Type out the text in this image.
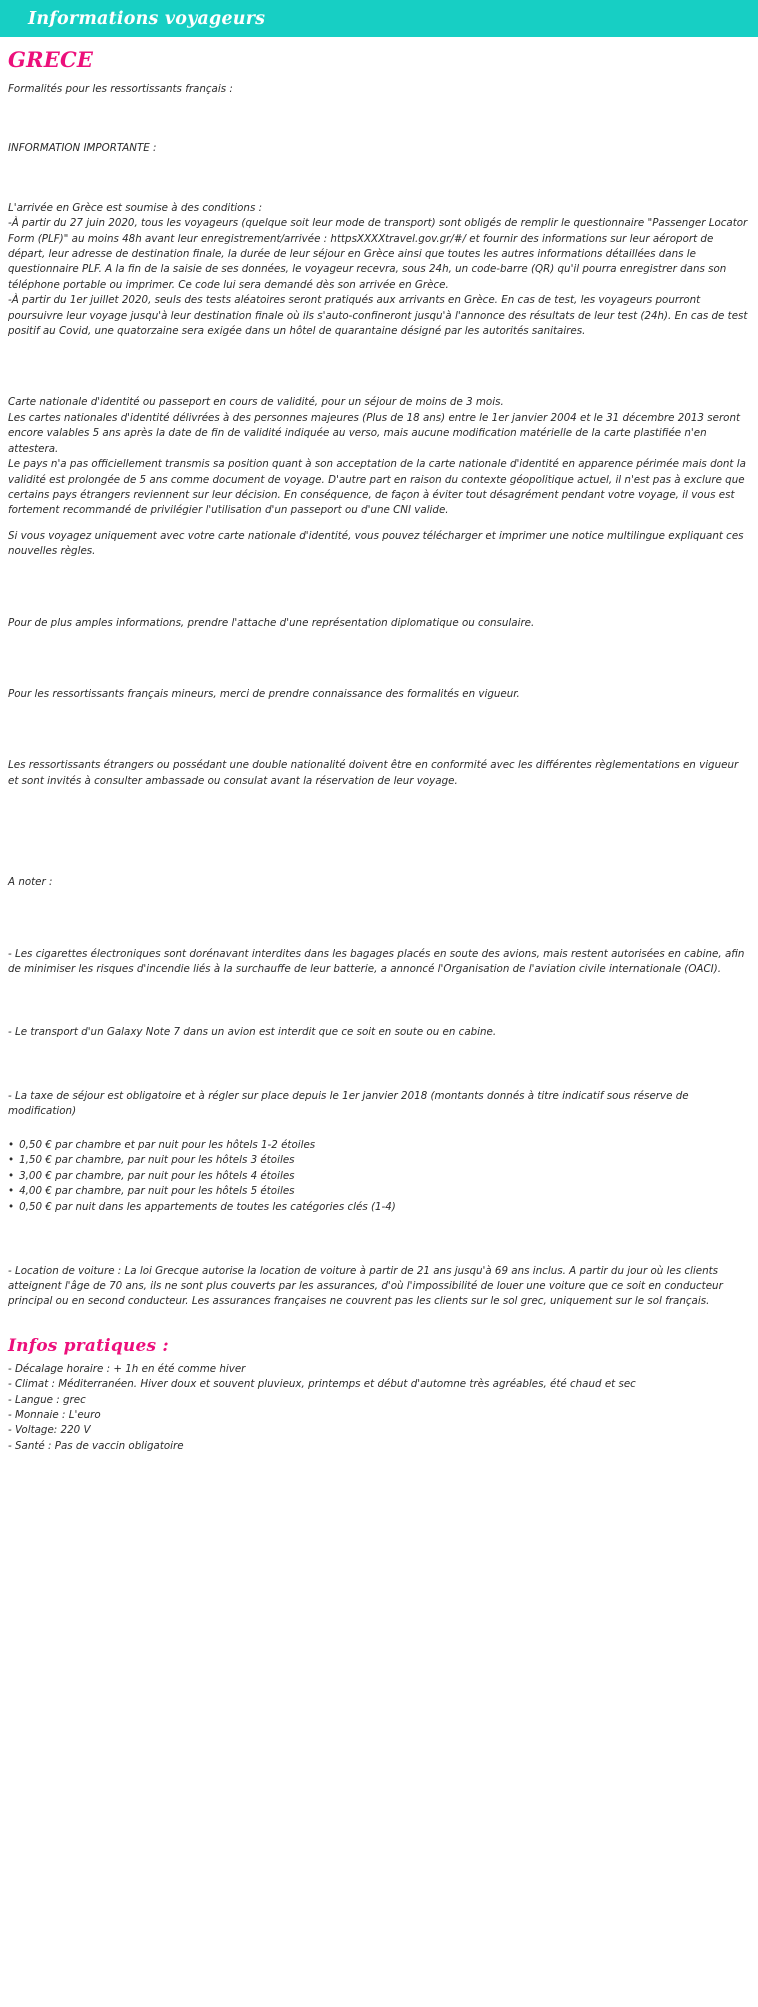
Informations voyageurs
GRECE

Formalités pour les ressortissants français :

INFORMATION IMPORTANTE :

L'arrivée en Grèce est soumise à des conditions :

-À partir du 27 juin 2020, tous les voyageurs (quelque soit leur mode de transport) sont obligés de remplir le questionnaire "Passenger Locator Form (PLF)" au moins 48h avant leur enregistrement/arrivée : httpsXXXXtravel.gov.gr/#/ et fournir des informations sur leur aéroport de départ, leur adresse de destination finale, la durée de leur séjour en Grèce ainsi que toutes les autres informations détaillées dans le questionnaire PLF. A la fin de la saisie de ses données, le voyageur recevra, sous 24h, un code-barre (QR) qu'il pourra enregistrer dans son téléphone portable ou imprimer. Ce code lui sera demandé dès son arrivée en Grèce.

-À partir du 1er juillet 2020, seuls des tests aléatoires seront pratiqués aux arrivants en Grèce. En cas de test, les voyageurs pourront poursuivre leur voyage jusqu'à leur destination finale où ils s'auto-confineront jusqu'à l'annonce des résultats de leur test (24h). En cas de test positif au Covid, une quatorzaine sera exigée dans un hôtel de quarantaine désigné par les autorités sanitaires.

Carte nationale d'identité ou passeport en cours de validité, pour un séjour de moins de 3 mois.

Les cartes nationales d'identité délivrées à des personnes majeures (Plus de 18 ans) entre le 1er janvier 2004 et le 31 décembre 2013 seront encore valables 5 ans après la date de fin de validité indiquée au verso, mais aucune modification matérielle de la carte plastifiée n'en attestera.

Le pays n'a pas officiellement transmis sa position quant à son acceptation de la carte nationale d'identité en apparence périmée mais dont la validité est prolongée de 5 ans comme document de voyage. D'autre part en raison du contexte géopolitique actuel, il n'est pas à exclure que certains pays étrangers reviennent sur leur décision. En conséquence, de façon à éviter tout désagrément pendant votre voyage, il vous est fortement recommandé de privilégier l'utilisation d'un passeport ou d'une CNI valide.

Si vous voyagez uniquement avec votre carte nationale d'identité, vous pouvez télécharger et imprimer une notice multilingue expliquant ces nouvelles règles.

Pour de plus amples informations, prendre l'attache d'une représentation diplomatique ou consulaire.

Pour les ressortissants français mineurs, merci de prendre connaissance des formalités en vigueur.

Les ressortissants étrangers ou possédant une double nationalité doivent être en conformité avec les différentes règlementations en vigueur et sont invités à consulter ambassade ou consulat avant la réservation de leur voyage.

A noter :

- Les cigarettes électroniques sont dorénavant interdites dans les bagages placés en soute des avions, mais restent autorisées en cabine, afin de minimiser les risques d'incendie liés à la surchauffe de leur batterie, a annoncé l'Organisation de l'aviation civile internationale (OACI).

- Le transport d'un Galaxy Note 7 dans un avion est interdit que ce soit en soute ou en cabine.

- La taxe de séjour est obligatoire et à régler sur place depuis le 1er janvier 2018 (montants donnés à titre indicatif sous réserve de modification)

• 0,50 € par chambre et par nuit pour les hôtels 1-2 étoiles
• 1,50 € par chambre, par nuit pour les hôtels 3 étoiles
• 3,00 € par chambre, par nuit pour les hôtels 4 étoiles
• 4,00 € par chambre, par nuit pour les hôtels 5 étoiles
• 0,50 € par nuit dans les appartements de toutes les catégories clés (1-4)

- Location de voiture : La loi Grecque autorise la location de voiture à partir de 21 ans jusqu'à 69 ans inclus. A partir du jour où les clients atteignent l'âge de 70 ans, ils ne sont plus couverts par les assurances, d'où l'impossibilité de louer une voiture que ce soit en conducteur principal ou en second conducteur. Les assurances françaises ne couvrent pas les clients sur le sol grec, uniquement sur le sol français.

Infos pratiques :

- Décalage horaire : + 1h en été comme hiver

- Climat : Méditerranéen. Hiver doux et souvent pluvieux, printemps et début d'automne très agréables, été chaud et sec

- Langue : grec

- Monnaie : L'euro

- Voltage: 220 V

- Santé : Pas de vaccin obligatoire
